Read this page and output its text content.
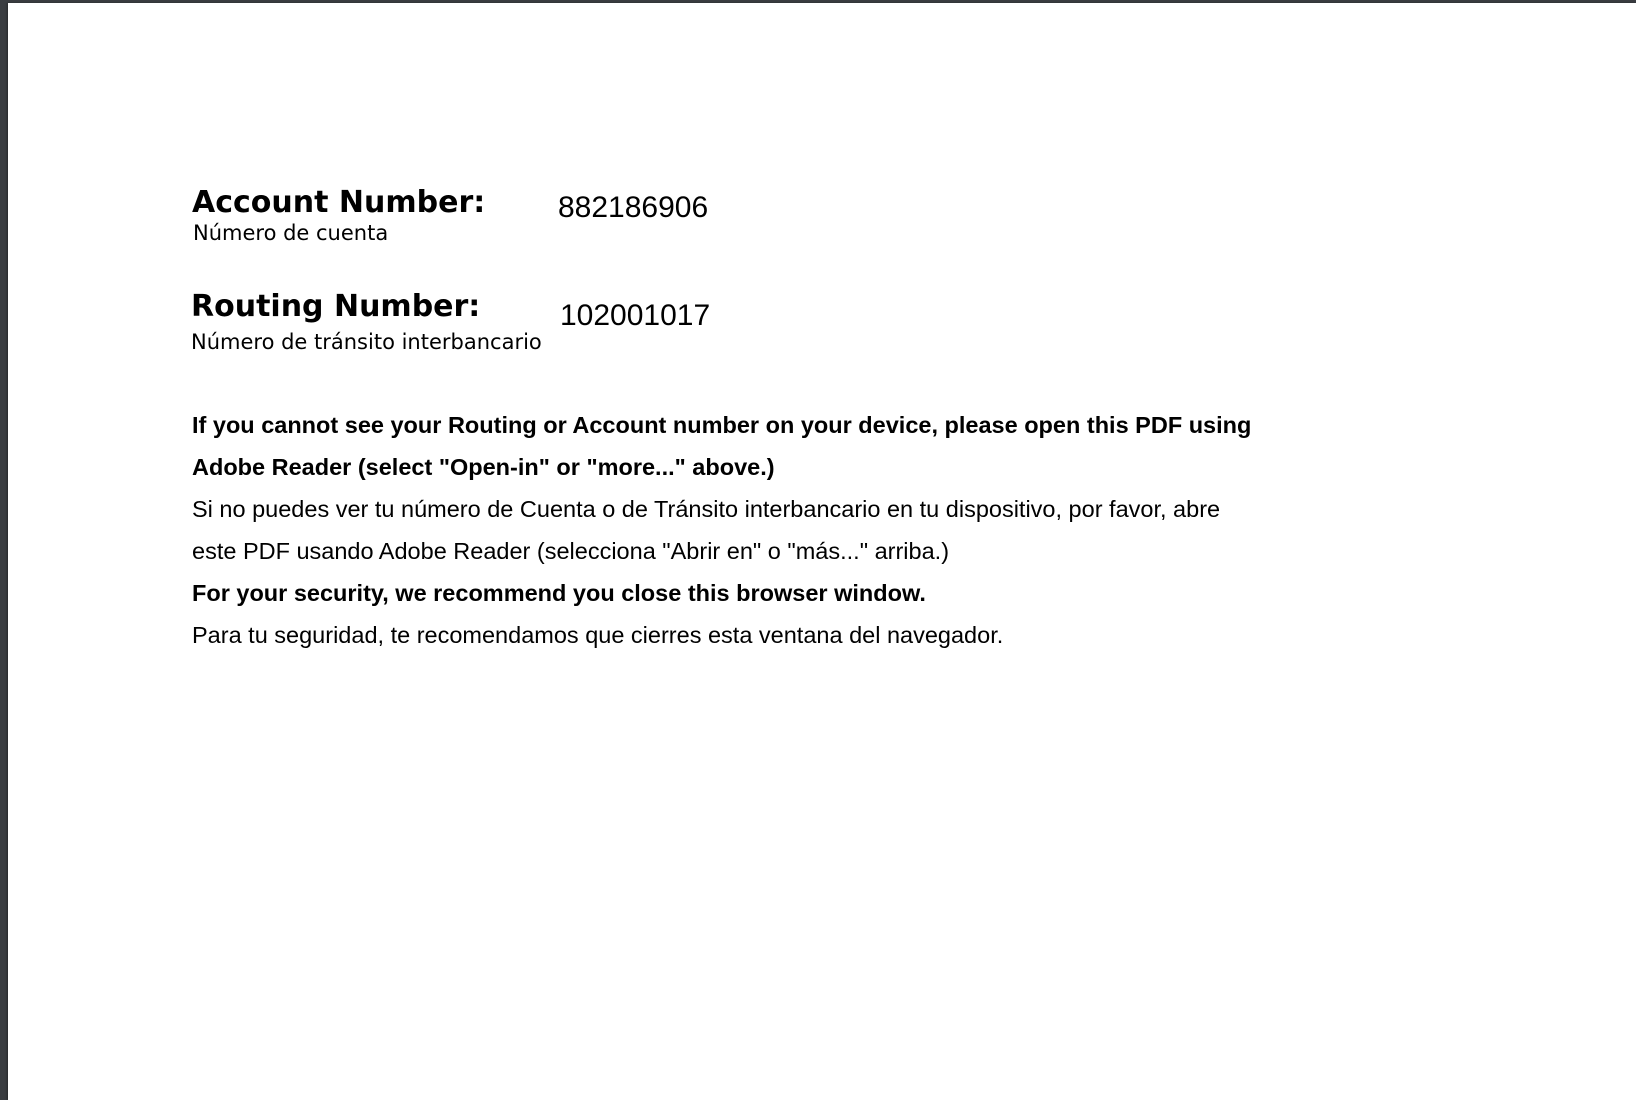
Account Number:
Número de cuenta
882186906
Routing Number:
Número de tránsito interbancario
102001017
If you cannot see your Routing or Account number on your device, please open this PDF using
Adobe Reader (select "Open-in" or "more..." above.)
Si no puedes ver tu número de Cuenta o de Tránsito interbancario en tu dispositivo, por favor, abre
este PDF usando Adobe Reader (selecciona "Abrir en" o "más..." arriba.)
For your security, we recommend you close this browser window.
Para tu seguridad, te recomendamos que cierres esta ventana del navegador.
